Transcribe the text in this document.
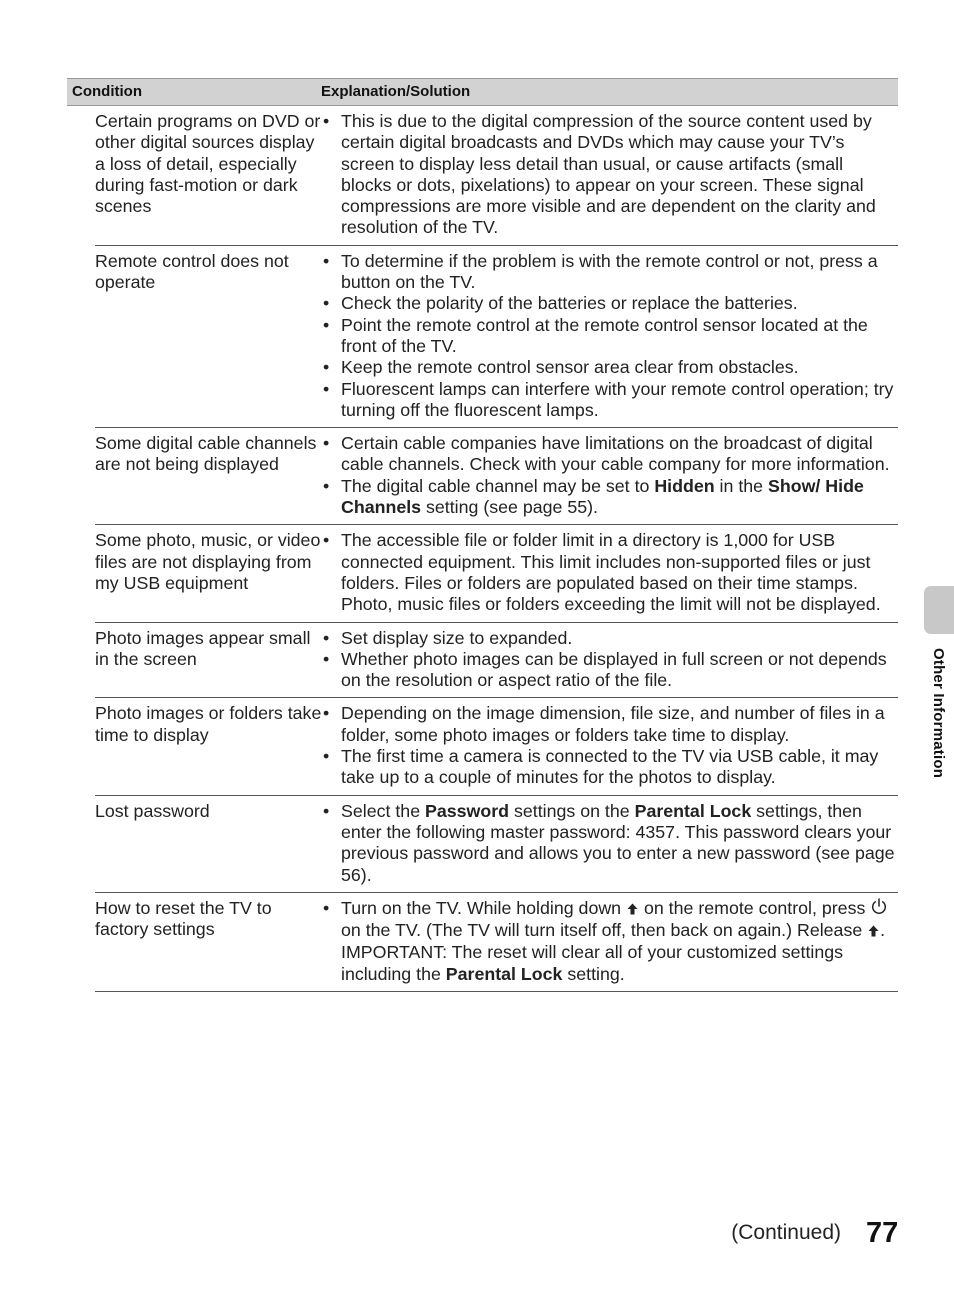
Condition	Explanation/Solution
Certain programs on DVD or other digital sources display a loss of detail, especially during fast-motion or dark scenes
• This is due to the digital compression of the source content used by certain digital broadcasts and DVDs which may cause your TV’s screen to display less detail than usual, or cause artifacts (small blocks or dots, pixelations) to appear on your screen. These signal compressions are more visible and are dependent on the clarity and resolution of the TV.
Remote control does not operate
• To determine if the problem is with the remote control or not, press a button on the TV.
• Check the polarity of the batteries or replace the batteries.
• Point the remote control at the remote control sensor located at the front of the TV.
• Keep the remote control sensor area clear from obstacles.
• Fluorescent lamps can interfere with your remote control operation; try turning off the fluorescent lamps.
Some digital cable channels are not being displayed
• Certain cable companies have limitations on the broadcast of digital cable channels. Check with your cable company for more information.
• The digital cable channel may be set to Hidden in the Show/ Hide Channels setting (see page 55).
Some photo, music, or video files are not displaying from my USB equipment
• The accessible file or folder limit in a directory is 1,000 for USB connected equipment. This limit includes non-supported files or just folders. Files or folders are populated based on their time stamps. Photo, music files or folders exceeding the limit will not be displayed.
Photo images appear small in the screen
• Set display size to expanded.
• Whether photo images can be displayed in full screen or not depends on the resolution or aspect ratio of the file.
Photo images or folders take time to display
• Depending on the image dimension, file size, and number of files in a folder, some photo images or folders take time to display.
• The first time a camera is connected to the TV via USB cable, it may take up to a couple of minutes for the photos to display.
Lost password	• Select the Password settings on the Parental Lock settings, then enter the following master password: 4357. This password clears your previous password and allows you to enter a new password (see page 56).
How to reset the TV to factory settings
• Turn on the TV. While holding down  on the remote control, press  on the TV. (The TV will turn itself off, then back on again.) Release .
IMPORTANT: The reset will clear all of your customized settings including the Parental Lock setting.
Other Information
(Continued) 77
